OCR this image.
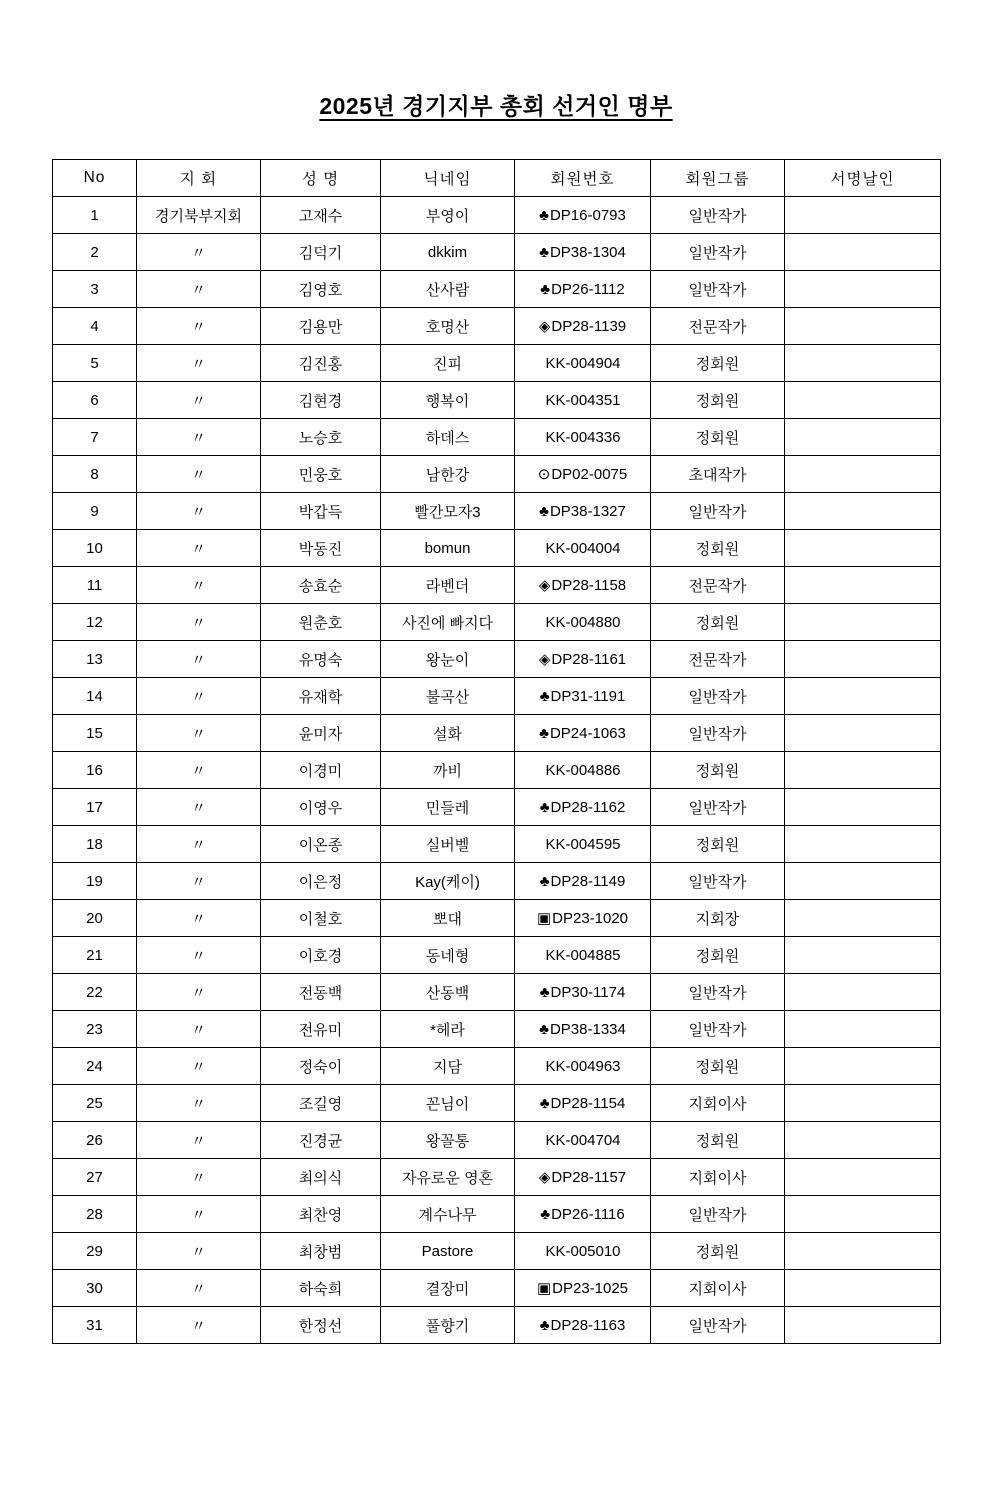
2025년 경기지부 총회 선거인 명부
No	지 회	성 명	닉네임	회원번호	회원그룹	서명날인
1	경기북부지회	고재수	부영이	♣DP16-0793	일반작가	
2	〃	김덕기	dkkim	♣DP38-1304	일반작가	
3	〃	김영호	산사람	♣DP26-1112	일반작가	
4	〃	김용만	호명산	◈DP28-1139	전문작가	
5	〃	김진홍	진피	KK-004904	정회원	
6	〃	김현경	행복이	KK-004351	정회원	
7	〃	노승호	하데스	KK-004336	정회원	
8	〃	민웅호	남한강	⊙DP02-0075	초대작가	
9	〃	박갑득	빨간모자3	♣DP38-1327	일반작가	
10	〃	박동진	bomun	KK-004004	정회원	
11	〃	송효순	라벤더	◈DP28-1158	전문작가	
12	〃	원춘호	사진에 빠지다	KK-004880	정회원	
13	〃	유명숙	왕눈이	◈DP28-1161	전문작가	
14	〃	유재학	불곡산	♣DP31-1191	일반작가	
15	〃	윤미자	설화	♣DP24-1063	일반작가	
16	〃	이경미	까비	KK-004886	정회원	
17	〃	이영우	민들레	♣DP28-1162	일반작가	
18	〃	이온종	실버벨	KK-004595	정회원	
19	〃	이은정	Kay(케이)	♣DP28-1149	일반작가	
20	〃	이철호	뽀대	▣DP23-1020	지회장	
21	〃	이호경	동네형	KK-004885	정회원	
22	〃	전동백	산동백	♣DP30-1174	일반작가	
23	〃	전유미	*헤라	♣DP38-1334	일반작가	
24	〃	정숙이	지담	KK-004963	정회원	
25	〃	조길영	꼰님이	♣DP28-1154	지회이사	
26	〃	진경균	왕꼴통	KK-004704	정회원	
27	〃	최의식	자유로운 영혼	◈DP28-1157	지회이사	
28	〃	최찬영	계수나무	♣DP26-1116	일반작가	
29	〃	최창범	Pastore	KK-005010	정회원	
30	〃	하숙희	결장미	▣DP23-1025	지회이사	
31	〃	한정선	풀향기	♣DP28-1163	일반작가	
